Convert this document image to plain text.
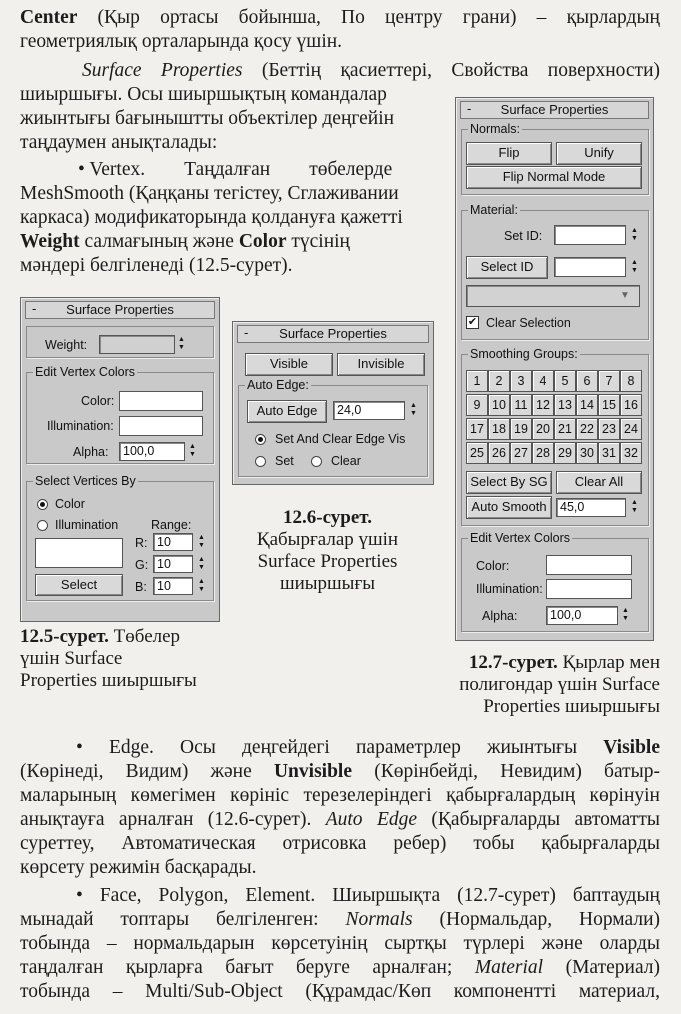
Center (Қыр ортасы бойынша, По центру грани) – қырлардың
геометриялық орталарында қосу үшін.
Surface Properties (Беттің қасиеттері, Свойства поверхности)
шиыршығы. Осы шиыршықтың командалар
жиынтығы бағыныштты объектілер деңгейін
таңдаумен анықталады:
• Vertex.        Таңдалған        төбелерде
MeshSmooth (Қаңқаны тегістеу, Сглаживании
каркаса) модификаторында қолдануға қажетті
Weight салмағының және Color түсінің
мәндері белгіленеді (12.5-сурет).
- Surface Properties
Weight:	▲
▼
Edit Vertex Colors
Color:
Illumination:
Alpha:	100,0	▲
▼
Select Vertices By
Color
Illumination	Range:
R: 10	▲
▼
G: 10	▲
▼
B: 10	▲
▼
Select
- Surface Properties
Visible	Invisible
Auto Edge:
Auto Edge	24,0	▲
▼
Set And Clear Edge Vis
Set	Clear
- Surface Properties
Normals:
Flip	Unify
Flip Normal Mode
Material:
Set ID:	▲
▼
Select ID	▲
▼
▼
✔ Clear Selection
Smoothing Groups:
1	2	3	4	5	6	7	8
9 10 11 12 13 14 15 16
17 18 19 20 21 22 23 24
25 26 27 28 29 30 31 32
Select By SG	Clear All
Auto Smooth	45,0	▲
▼
Edit Vertex Colors
Color:
Illumination:
Alpha:	100,0	▲
▼
12.6-сурет.
Қабырғалар үшін
Surface Properties
шиыршығы
12.5-сурет. Төбелер
үшін Surface
Properties шиыршығы
12.7-сурет. Қырлар мен
полигондар үшін Surface
Properties шиыршығы
• Edge. Осы деңгейдегі параметрлер жиынтығы Visible
(Көрінеді, Видим) және Unvisible (Көрінбейді, Невидим) батыр-
маларының көмегімен көрініс терезелеріндегі қабырғалардың көрінуін
анықтауға арналған (12.6-сурет). Auto Edge (Қабырғаларды автоматты
суреттеу, Автоматическая отрисовка ребер) тобы қабырғаларды
көрсету режимін басқарады.
• Face, Polygon, Element. Шиыршықта (12.7-сурет) баптаудың
мынадай топтары белгіленген: Normals (Нормальдар, Нормали)
тобында – нормальдарын көрсетуінің сыртқы түрлері және оларды
таңдалған қырларға бағыт беруге арналған; Material (Материал)
тобында – Multi/Sub-Object (Құрамдас/Көп компонентті материал,
